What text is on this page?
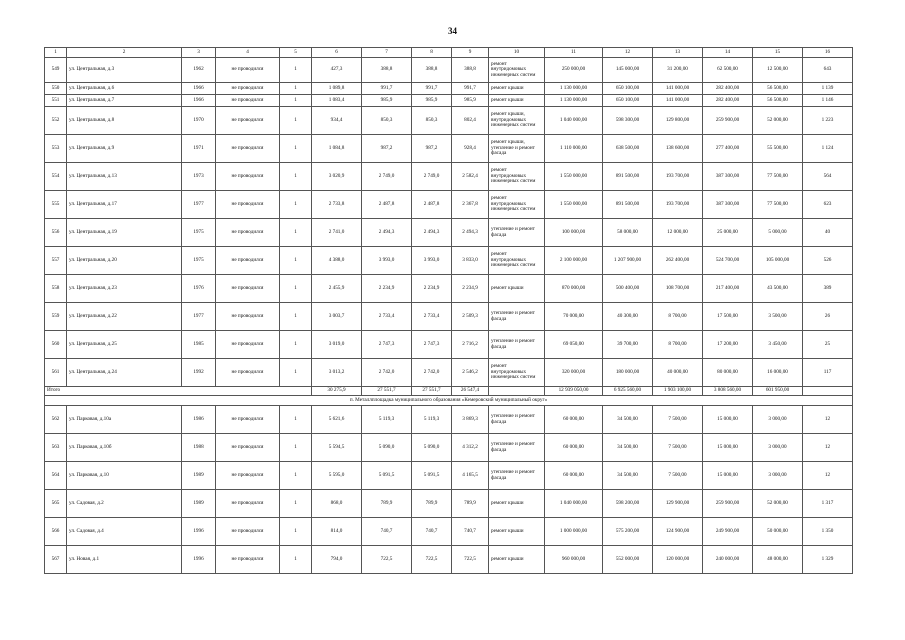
34
1	2	3	4	5	6	7	8	9	10	11	12	13	14	15	16
549	ул. Центральная, д.3	1962	не проводился	1	427,3	388,8	388,8	388,8	ремонт внутридомовых инженерных систем	250 000,00	145 000,00	31 200,00	62 500,00	12 500,00	643
550	ул. Центральная, д.6	1966	не проводился	1	1 089,8	991,7	991,7	991,7	ремонт крыши	1 130 000,00	650 100,00	141 000,00	282 400,00	56 500,00	1 139
551	ул. Центральная, д.7	1966	не проводился	1	1 083,4	985,9	985,9	985,9	ремонт крыши	1 130 000,00	650 100,00	141 000,00	282 400,00	56 500,00	1 146
552	ул. Центральная, д.8	1970	не проводился	1	934,4	850,3	850,3	802,4	ремонт крыши, внутридомовых инженерных систем	1 040 000,00	598 300,00	129 800,00	259 900,00	52 000,00	1 223
553	ул. Центральная, д.9	1971	не проводился	1	1 084,8	987,2	987,2	928,4	ремонт крыши, утепление и ремонт фасада	1 110 000,00	638 500,00	138 600,00	277 400,00	55 500,00	1 124
554	ул. Центральная, д.13	1973	не проводился	1	3 020,9	2 749,0	2 749,0	2 582,4	ремонт внутридомовых инженерных систем	1 550 000,00	891 500,00	193 700,00	387 300,00	77 500,00	564
555	ул. Центральная, д.17	1977	не проводился	1	2 733,8	2 487,8	2 487,8	2 367,8	ремонт внутридомовых инженерных систем	1 550 000,00	891 500,00	193 700,00	387 300,00	77 500,00	623
556	ул. Центральная, д.19	1975	не проводился	1	2 741,0	2 494,3	2 494,3	2 494,3	утепление и ремонт фасада	100 000,00	58 000,00	12 000,00	25 000,00	5 000,00	40
557	ул. Центральная, д.20	1975	не проводился	1	4 388,0	3 993,0	3 993,0	3 833,0	ремонт внутридомовых инженерных систем	2 100 000,00	1 207 900,00	262 400,00	524 700,00	105 000,00	526
558	ул. Центральная, д.23	1976	не проводился	1	2 455,9	2 234,9	2 234,9	2 234,9	ремонт крыши	870 000,00	500 400,00	108 700,00	217 400,00	43 500,00	389
559	ул. Центральная, д.22	1977	не проводился	1	3 003,7	2 733,4	2 733,4	2 509,3	утепление и ремонт фасада	70 000,00	40 300,00	8 700,00	17 500,00	3 500,00	26
560	ул. Центральная, д.25	1985	не проводился	1	3 019,0	2 747,3	2 747,3	2 716,2	утепление и ремонт фасада	69 050,00	39 700,00	8 700,00	17 200,00	3 450,00	25
561	ул. Центральная, д.24	1992	не проводился	1	3 013,2	2 742,0	2 742,0	2 546,2	ремонт внутридомовых инженерных систем	320 000,00	180 000,00	40 000,00	80 000,00	16 000,00	117
Итого					30 275,9	27 551,7	27 551,7	26 547,4		12 939 050,00	6 925 560,00	1 903 100,00	3 808 560,00	601 950,00	
п. Металлплощадка муниципального образования «Кемеровский муниципальный округ»															
562	ул. Парковая, д.10а	1986	не проводился	1	5 621,6	5 119,3	5 119,3	3 869,3	утепление и ремонт фасада	60 000,00	34 500,00	7 500,00	15 000,00	3 000,00	12
563	ул. Парковая, д.10б	1988	не проводился	1	5 594,5	5 090,0	5 090,0	4 312,2	утепление и ремонт фасада	60 000,00	34 500,00	7 500,00	15 000,00	3 000,00	12
564	ул. Парковая, д.10	1989	не проводился	1	5 595,0	5 091,5	5 091,5	4 165,5	утепление и ремонт фасада	60 000,00	34 500,00	7 500,00	15 000,00	3 000,00	12
565	ул. Садовая, д.2	1989	не проводился	1	868,0	789,9	789,9	789,9	ремонт крыши	1 040 000,00	598 200,00	129 900,00	259 900,00	52 000,00	1 317
566	ул. Садовая, д.4	1996	не проводился	1	814,0	740,7	740,7	740,7	ремонт крыши	1 000 000,00	575 200,00	124 900,00	249 900,00	50 000,00	1 350
567	ул. Новая, д.1	1996	не проводился	1	794,0	722,5	722,5	722,5	ремонт крыши	960 000,00	552 000,00	120 000,00	240 000,00	48 000,00	1 329
